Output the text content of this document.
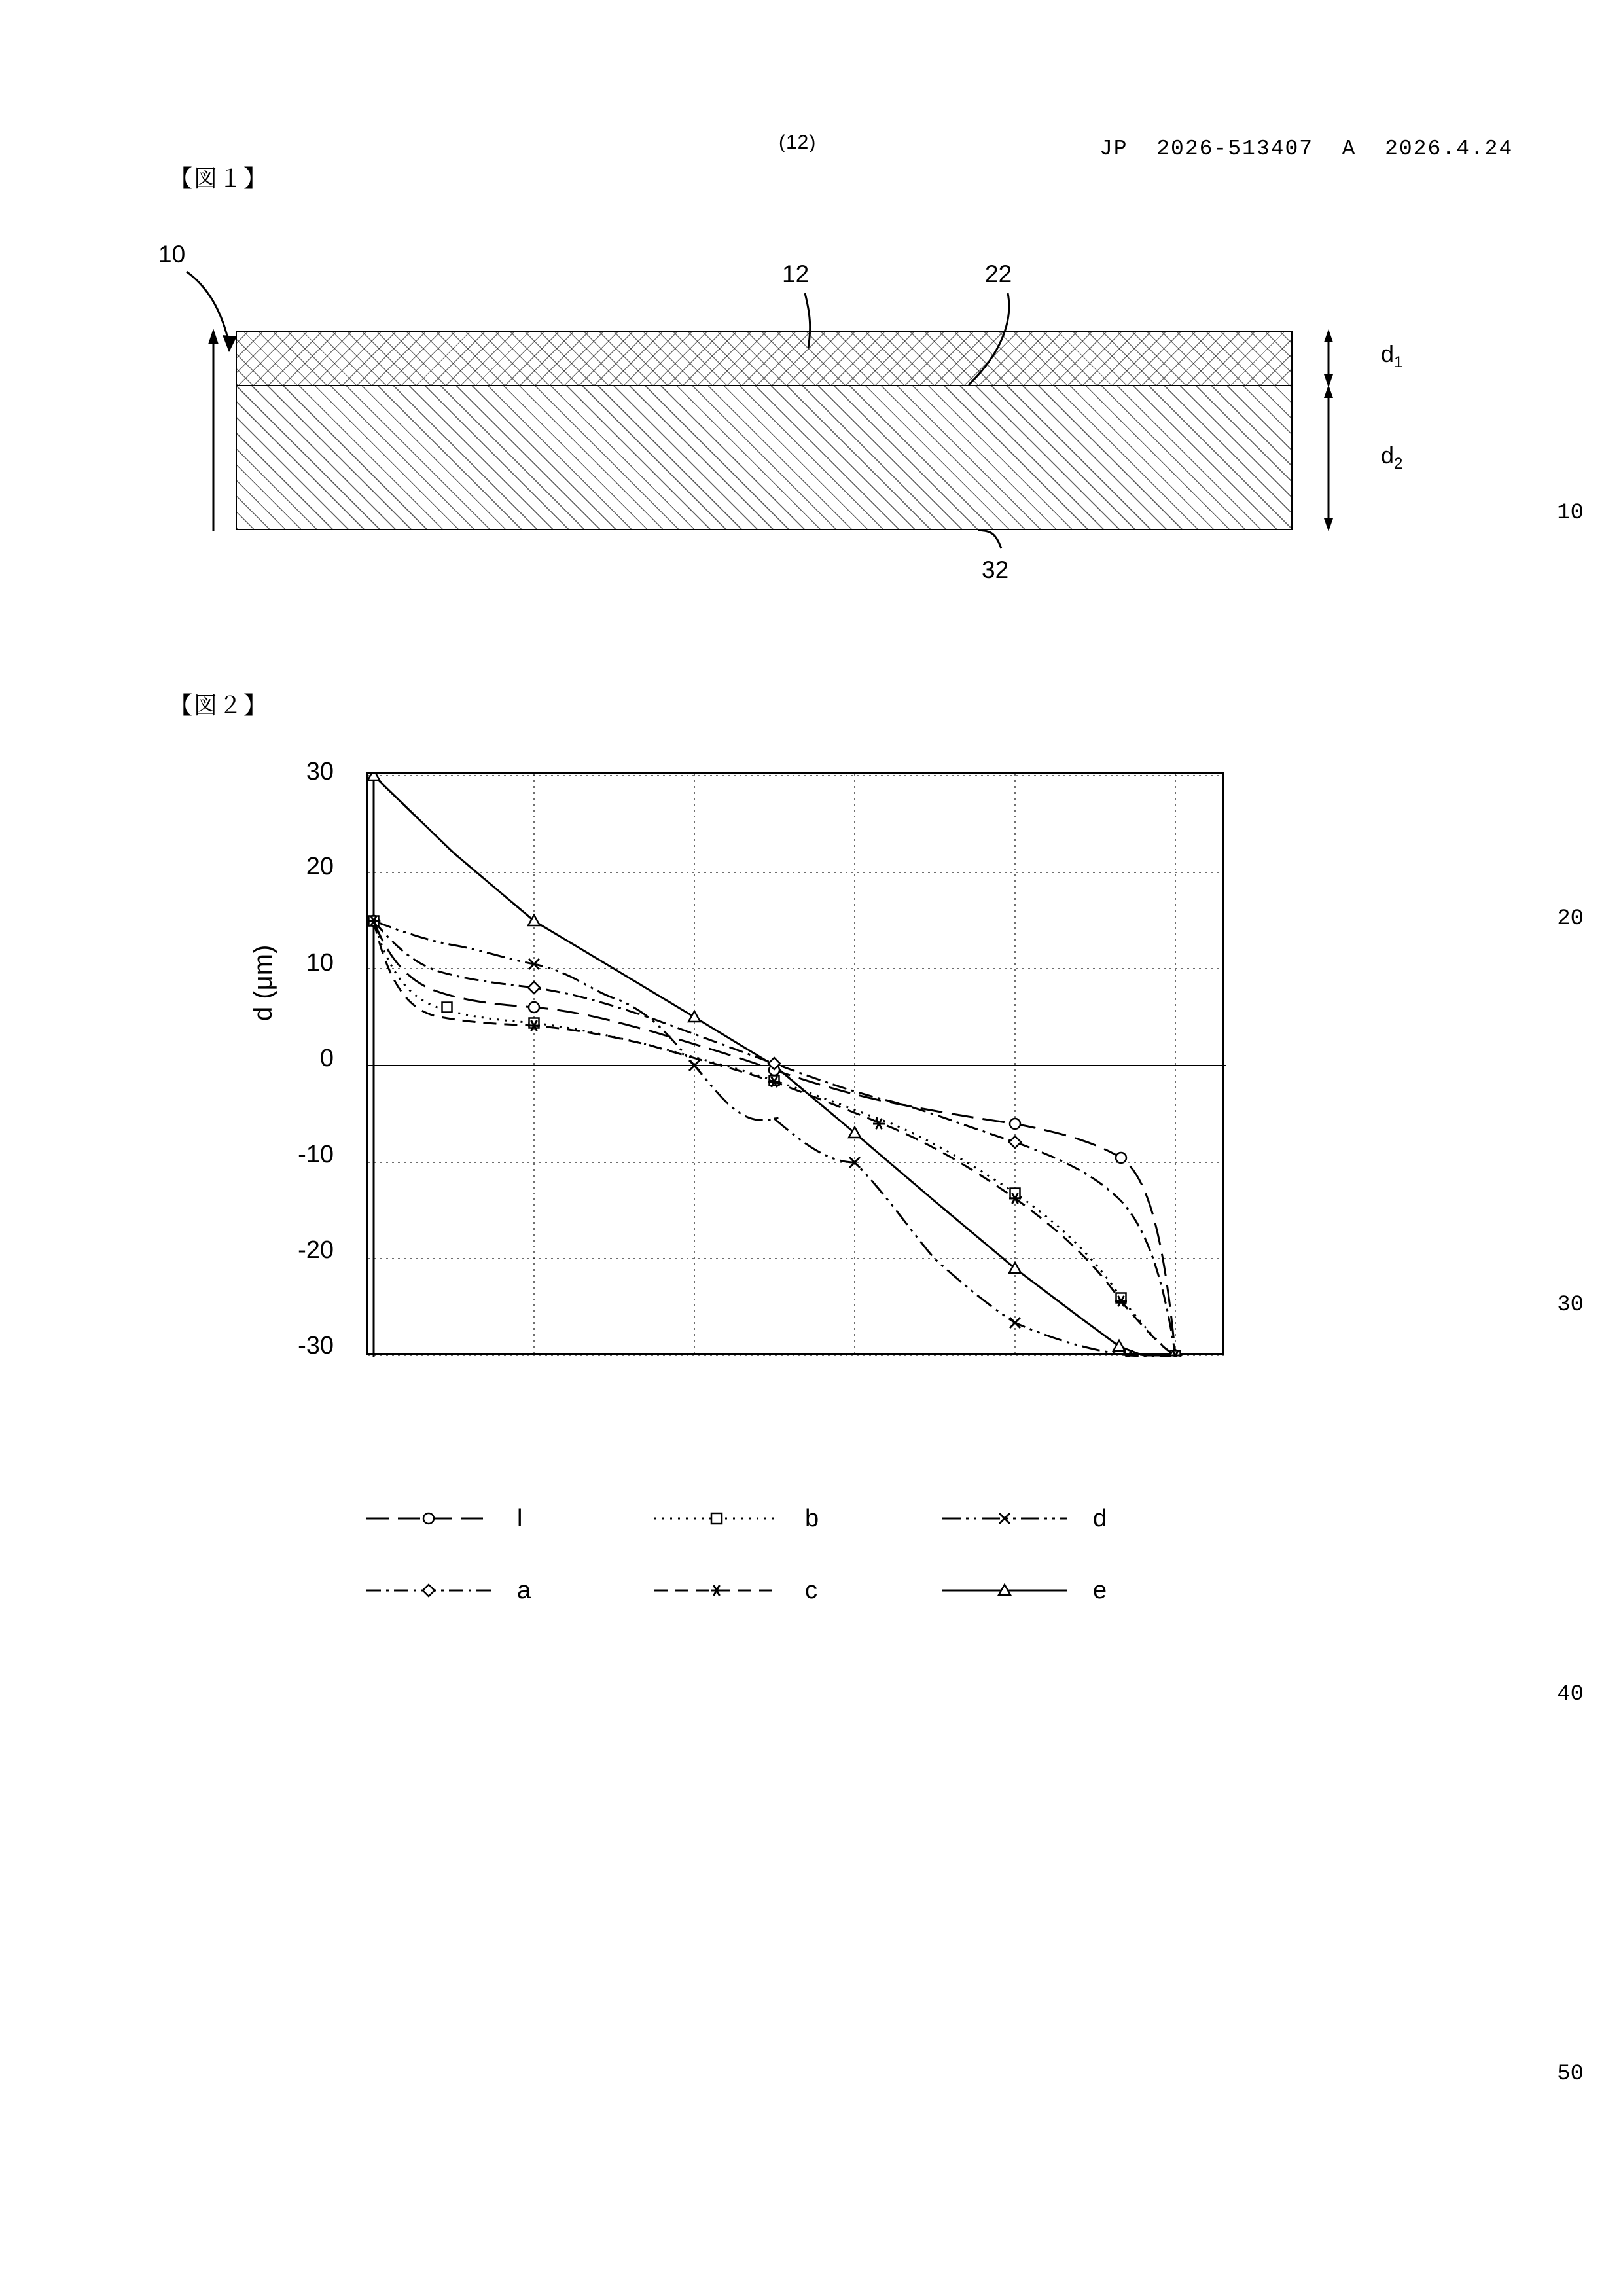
(12)	JP  2026-513407  A  2026.4.24
10
20
30
40
50
【図１】
10
12	22
32
$d_1$
$d_2$
【図２】
d (μm)
30
20
10
0
-10
-20
-30
l	b	d
a	c	e
